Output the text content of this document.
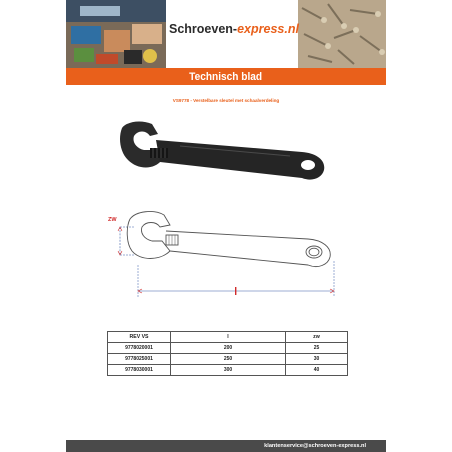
Schroeven-express.nl
Technisch blad
VS9778 - Verstelbare sleutel met schaalverdeling
ZW
REV VS	l	zw
9778020001	200	25
9778025001	250	30
9778030001	300	40
klantenservice@schroeven-express.nl
